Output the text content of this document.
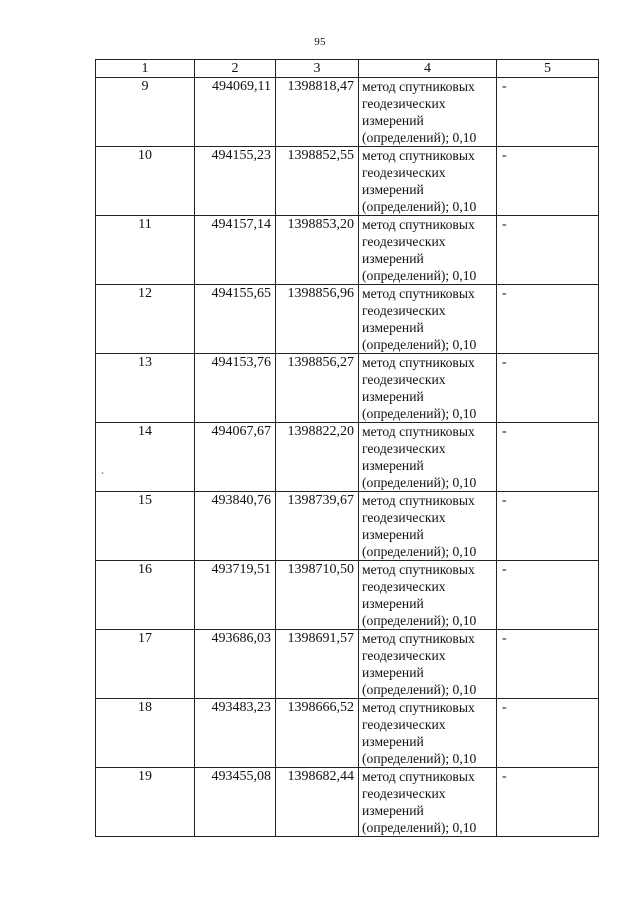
95
1	2	3	4	5
9	494069,11	1398818,47	метод спутниковых
геодезических
измерений
(определений); 0,10	-
10	494155,23	1398852,55	метод спутниковых
геодезических
измерений
(определений); 0,10	-
11	494157,14	1398853,20	метод спутниковых
геодезических
измерений
(определений); 0,10	-
12	494155,65	1398856,96	метод спутниковых
геодезических
измерений
(определений); 0,10	-
13	494153,76	1398856,27	метод спутниковых
геодезических
измерений
(определений); 0,10	-
14	494067,67	1398822,20	метод спутниковых
геодезических
измерений
(определений); 0,10	-
15	493840,76	1398739,67	метод спутниковых
геодезических
измерений
(определений); 0,10	-
16	493719,51	1398710,50	метод спутниковых
геодезических
измерений
(определений); 0,10	-
17	493686,03	1398691,57	метод спутниковых
геодезических
измерений
(определений); 0,10	-
18	493483,23	1398666,52	метод спутниковых
геодезических
измерений
(определений); 0,10	-
19	493455,08	1398682,44	метод спутниковых
геодезических
измерений
(определений); 0,10	-
`
